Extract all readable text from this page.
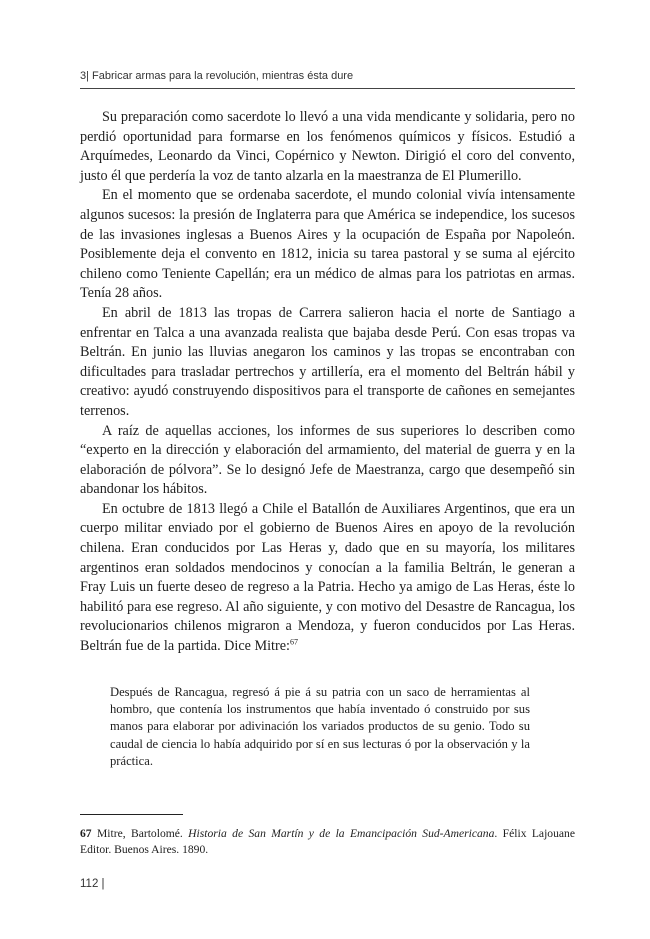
3| Fabricar armas para la revolución, mientras ésta dure

Su preparación como sacerdote lo llevó a una vida mendicante y solidaria, pero no perdió oportunidad para formarse en los fenómenos químicos y físicos. Estudió a Arquímedes, Leonardo da Vinci, Copérnico y Newton. Dirigió el coro del convento, justo él que perdería la voz de tanto alzarla en la maestranza de El Plumerillo.

En el momento que se ordenaba sacerdote, el mundo colonial vivía intensamente algunos sucesos: la presión de Inglaterra para que América se independice, los sucesos de las invasiones inglesas a Buenos Aires y la ocupación de España por Napoleón. Posiblemente deja el convento en 1812, inicia su tarea pastoral y se suma al ejército chileno como Teniente Capellán; era un médico de almas para los patriotas en armas. Tenía 28 años.

En abril de 1813 las tropas de Carrera salieron hacia el norte de Santiago a enfrentar en Talca a una avanzada realista que bajaba desde Perú. Con esas tropas va Beltrán. En junio las lluvias anegaron los caminos y las tropas se encontraban con dificultades para trasladar pertrechos y artillería, era el momento del Beltrán hábil y creativo: ayudó construyendo dispositivos para el transporte de cañones en semejantes terrenos.

A raíz de aquellas acciones, los informes de sus superiores lo describen como “experto en la dirección y elaboración del armamiento, del material de guerra y en la elaboración de pólvora”. Se lo designó Jefe de Maestranza, cargo que desempeñó sin abandonar los hábitos.

En octubre de 1813 llegó a Chile el Batallón de Auxiliares Argentinos, que era un cuerpo militar enviado por el gobierno de Buenos Aires en apoyo de la revolución chilena. Eran conducidos por Las Heras y, dado que en su mayoría, los militares argentinos eran soldados mendocinos y conocían a la familia Beltrán, le generan a Fray Luis un fuerte deseo de regreso a la Patria. Hecho ya amigo de Las Heras, éste lo habilitó para ese regreso. Al año siguiente, y con motivo del Desastre de Rancagua, los revolucionarios chilenos migraron a Mendoza, y fueron conducidos por Las Heras. Beltrán fue de la partida. Dice Mitre:$^{67}$

Después de Rancagua, regresó á pie á su patria con un saco de herramientas al hombro, que contenía los instrumentos que había inventado ó construido por sus manos para elaborar por adivinación los variados productos de su genio. Todo su caudal de ciencia lo había adquirido por sí en sus lecturas ó por la observación y la práctica.
67 Mitre, Bartolomé. Historia de San Martín y de la Emancipación Sud-Americana. Félix Lajouane Editor. Buenos Aires. 1890.
112 |
